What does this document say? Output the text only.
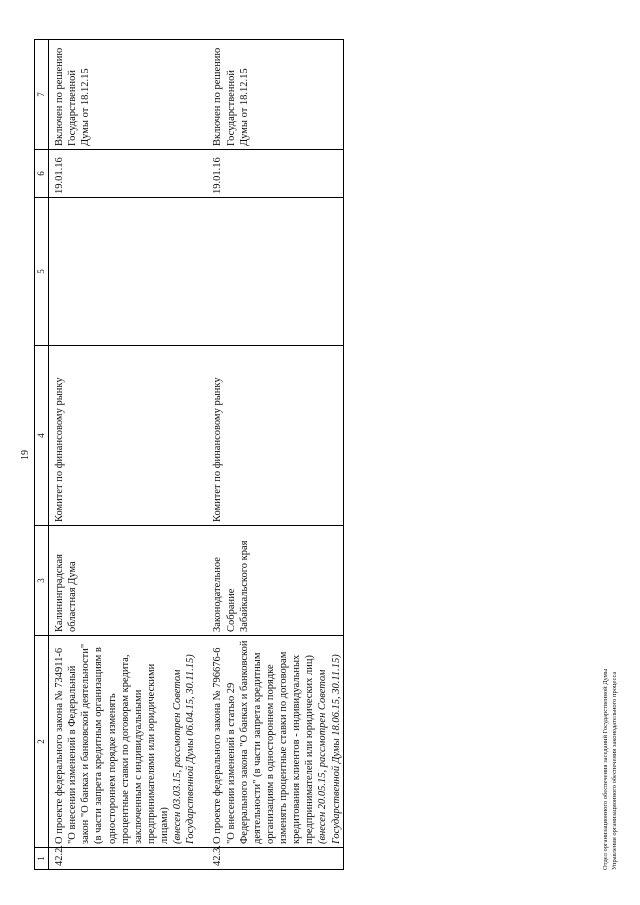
19
1	2	3	4	5	6	7
42.2.	О проекте федерального закона № 734911-6 "О внесении изменений в Федеральный закон "О банках и банковской деятельности" (в части запрета кредитным организациям в одностороннем порядке изменять процентные ставки по договорам кредита, заключенным с индивидуальными предпринимателями или юридическими лицами) (внесен 03.03.15, рассмотрен Советом Государственной Думы 06.04.15, 30.11.15)	Калининградская областная Дума	Комитет по финансовому рынку		19.01.16	Включен по решению Государственной Думы от 18.12.15

42.3.	О проекте федерального закона № 796676-6 "О внесении изменений в статью 29 Федерального закона "О банках и банковской деятельности" (в части запрета кредитным организациям в одностороннем порядке изменять процентные ставки по договорам кредитования клиентов - индивидуальных предпринимателей или юридических лиц) (внесен 20.05.15, рассмотрен Советом Государственной Думы 18.06.15, 30.11.15)	Законодательное Собрание Забайкальского края	Комитет по финансовому рынку		19.01.16	Включен по решению Государственной Думы от 18.12.15
Отдел организационного обеспечения заседаний Государственной Думы Управления организационного обеспечения законодательного процесса
